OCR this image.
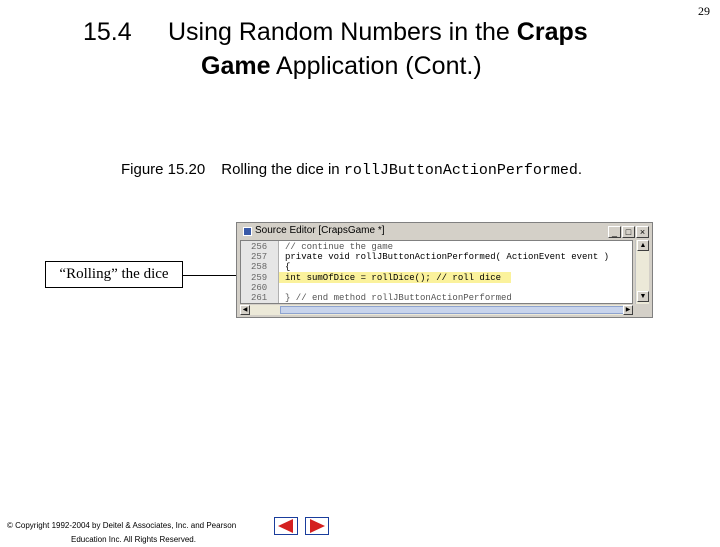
29
15.4 Using Random Numbers in the Craps
Game Application (Cont.)
Figure 15.20 Rolling the dice in rollJButtonActionPerformed.
“Rolling” the dice
Source Editor [CrapsGame *]	_ □ ×
256 // continue the game
257 private void rollJButtonActionPerformed( ActionEvent event )
258 {
259 int sumOfDice = rollDice(); // roll dice
260
261 } // end method rollJButtonActionPerformed
▲
▼
◀	▶
© Copyright 1992-2004 by Deitel & Associates, Inc. and Pearson
Education Inc. All Rights Reserved.
